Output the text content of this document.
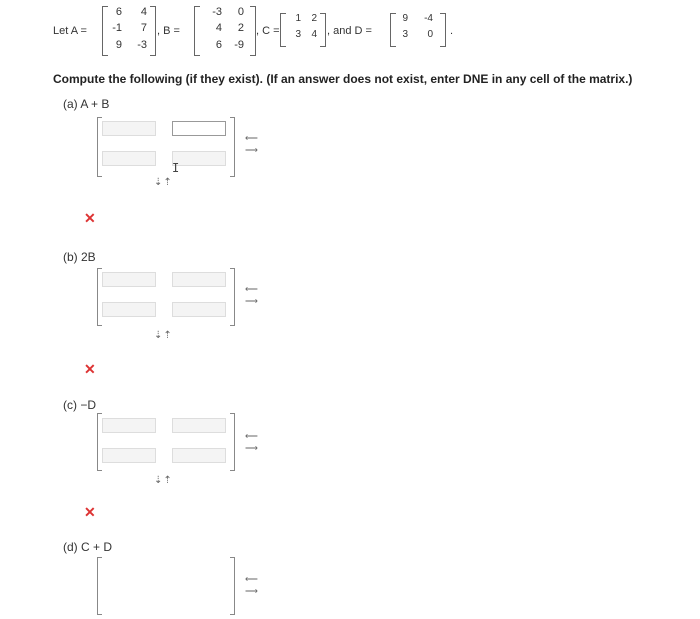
Let A =
6	4
-1	7
9	-3
, B =
-3	0
4	2
6	-9
, C =
1	2
3	4 , and D =
9	-4
3	0 .
Compute the following (if they exist). (If an answer does not exist, enter DNE in any cell of the matrix.)
(a) A + B
I
⟵
⟶
⇣⇡
✕
(b) 2B
⟵
⟶
⇣⇡
✕
(c) −D
⟵
⟶
⇣⇡
✕
(d) C + D
⟵
⟶
